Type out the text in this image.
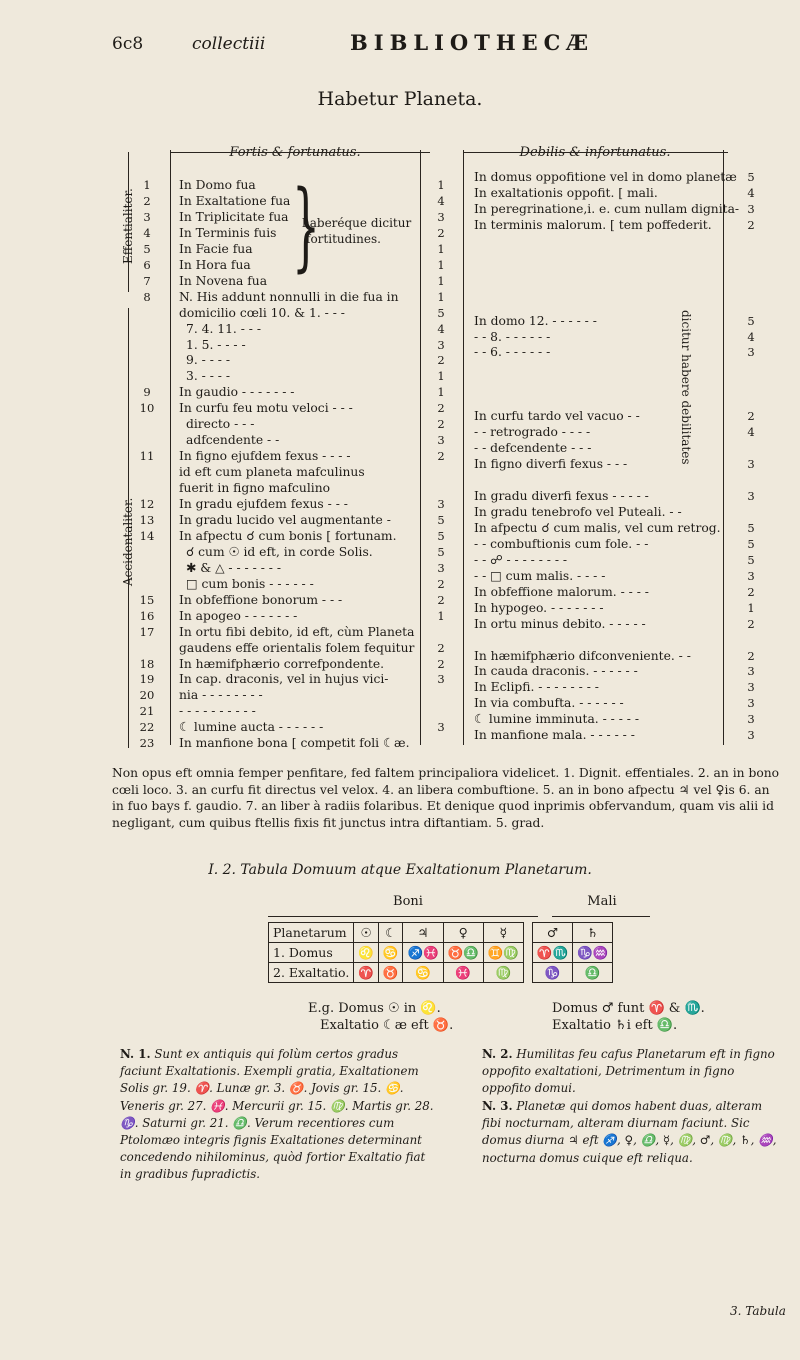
6c8	collectiii	BIBLIOTHECÆ
Habetur Planeta.
Fortis & fortunatus.	Debilis & infortunatus.
Effentialiter.
Accidentaliter.
dicitur habere debilitates
}
haberéque dicitur
fortitudines.
1	In Domo fua	1
2	In Exaltatione fua	4
3	In Triplicitate fua	3
4	In Terminis fuis	2
5	In Facie fua	1
6	In Hora fua	1
7	In Novena fua	1
8	N. His addunt nonnulli in die fua in	1
domicilio cœli 10. & 1. - - -	5
7. 4. 11. - - -	4
1. 5. - - - -	3
9. - - - -	2
3. - - - -	1
9	In gaudio - - - - - - -	1
10 In curfu feu motu veloci - - -	2
directo - - -	2
adfcendente - -	3
11 In figno ejufdem fexus - - - -	2
id eft cum planeta mafculinus
fuerit in figno mafculino
12 In gradu ejufdem fexus - - -	3
13 In gradu lucido vel augmentante -	5
14 In afpectu ☌ cum bonis [ fortunam.	5
☌ cum ☉ id eft, in corde Solis.	5
✱ & △ - - - - - - -	3
□ cum bonis - - - - - -	2
15 In obfeffione bonorum - - -	2
16 In apogeo - - - - - - -	1
17 In ortu fibi debito, id eft, cùm Planeta
gaudens effe orientalis folem fequitur	2
18 In hæmifphærio correfpondente.	2
19 In cap. draconis, vel in hujus vici-	3
20 nia - - - - - - - -
21 - - - - - - - - - -
22 ☾ lumine aucta - - - - - -	3
23 In manfione bona [ competit foli ☾æ.
In domus oppofitione vel in domo planetæ 5
In exaltationis oppofit. [ mali.	4
In peregrinatione,i. e. cum nullam dignita- 3
In terminis malorum. [ tem poffederit.	2
In domo 12. - - - - - -	5
- - 8. - - - - - -	4
- - 6. - - - - - -	3
In curfu tardo vel vacuo - -	2
- - retrogrado - - - -	4
- - defcendente - - -
In figno diverfi fexus - - -	3
In gradu diverfi fexus - - - - -	3
In gradu tenebrofo vel Puteali. - -
In afpectu ☌ cum malis, vel cum retrog.	5
- - combuftionis cum fole. - -	5
- - ☍ - - - - - - - -	5
- - □ cum malis. - - - -	3
In obfeffione malorum. - - - -	2
In hypogeo. - - - - - - -	1
In ortu minus debito. - - - - -	2
In hæmifphærio difconveniente. - -	2
In cauda draconis. - - - - - -	3
In Eclipfi. - - - - - - - -	3
In via combufta. - - - - - -	3
☾ lumine imminuta. - - - - -	3
In manfione mala. - - - - - -	3
Non opus eft omnia femper penfitare, fed faltem principaliora videlicet. 1. Dignit. effentiales. 2. an in bono cœli loco. 3. an curfu fit directus vel velox. 4. an libera combuftione. 5. an in bono afpectu ♃ vel ♀is 6. an in fuo bays f. gaudio. 7. an liber à radiis folaribus. Et denique quod inprimis obfervandum, quam vis alii id negligant, cum quibus ftellis fixis fit junctus intra diftantiam. 5. grad.
I. 2. Tabula Domuum atque Exaltationum Planetarum.
Boni	Mali
Planetarum	☉	☾	♃	♀	☿		♂	♄
1. Domus	♌	♋	♐♓	♉♎	♊♍		♈♏	♑♒
2. Exaltatio.	♈	♉	♋	♓	♍		♑	♎
E.g. Domus ☉ in ♌.
Exaltatio ☾æ eft ♉.
Domus ♂ funt ♈ & ♏.
Exaltatio ♄i eft ♎.
N. 1. Sunt ex antiquis qui folùm certos gradus faciunt Exaltationis. Exempli gratia, Exaltationem Solis gr. 19. ♈. Lunæ gr. 3. ♉. Jovis gr. 15. ♋. Veneris gr. 27. ♓. Mercurii gr. 15. ♍. Martis gr. 28. ♑. Saturni gr. 21. ♎. Verum recentiores cum Ptolomæo integris fignis Exaltationes determinant concedendo nihilominus, quòd fortior Exaltatio fiat in gradibus fupradictis.
N. 2. Humilitas feu cafus Planetarum eft in figno oppofito exaltationi, Detrimentum in figno oppofito domui.
N. 3. Planetæ qui domos habent duas, alteram fibi nocturnam, alteram diurnam faciunt. Sic domus diurna ♃ eft ♐, ♀, ♎, ☿, ♍, ♂, ♍, ♄, ♒, nocturna domus cuique eft reliqua.
3. Tabula
